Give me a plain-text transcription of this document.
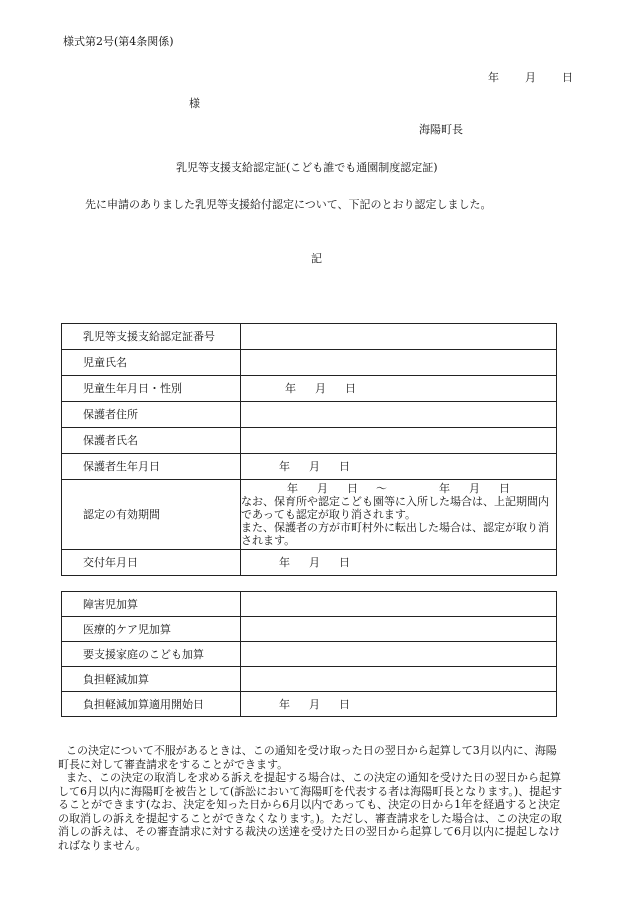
様式第2号(第4条関係)
年 月 日
様
海陽町長
乳児等支援支給認定証(こども誰でも通園制度認定証)
先に申請のありました乳児等支援給付認定について、下記のとおり認定しました。
記
乳児等支援支給認定証番号	
児童氏名	
児童生年月日・性別	年 月 日
保護者住所	
保護者氏名	
保護者生年月日	年 月 日
認定の有効期間	年 月 日 ～ 年 月 日
なお、保育所や認定こども園等に入所した場合は、上記期間内であっても認定が取り消されます。
また、保護者の方が市町村外に転出した場合は、認定が取り消されます。

交付年月日	年 月 日
障害児加算	
医療的ケア児加算	
要支援家庭のこども加算	
負担軽減加算	
負担軽減加算適用開始日	年 月 日

この決定について不服があるときは、この通知を受け取った日の翌日から起算して3月以内に、海陽町長に対して審査請求をすることができます。

また、この決定の取消しを求める訴えを提起する場合は、この決定の通知を受けた日の翌日から起算して6月以内に海陽町を被告として(訴訟において海陽町を代表する者は海陽町長となります。)、提起することができます(なお、決定を知った日から6月以内であっても、決定の日から1年を経過すると決定の取消しの訴えを提起することができなくなります。)。ただし、審査請求をした場合は、この決定の取消しの訴えは、その審査請求に対する裁決の送達を受けた日の翌日から起算して6月以内に提起しなければなりません。
